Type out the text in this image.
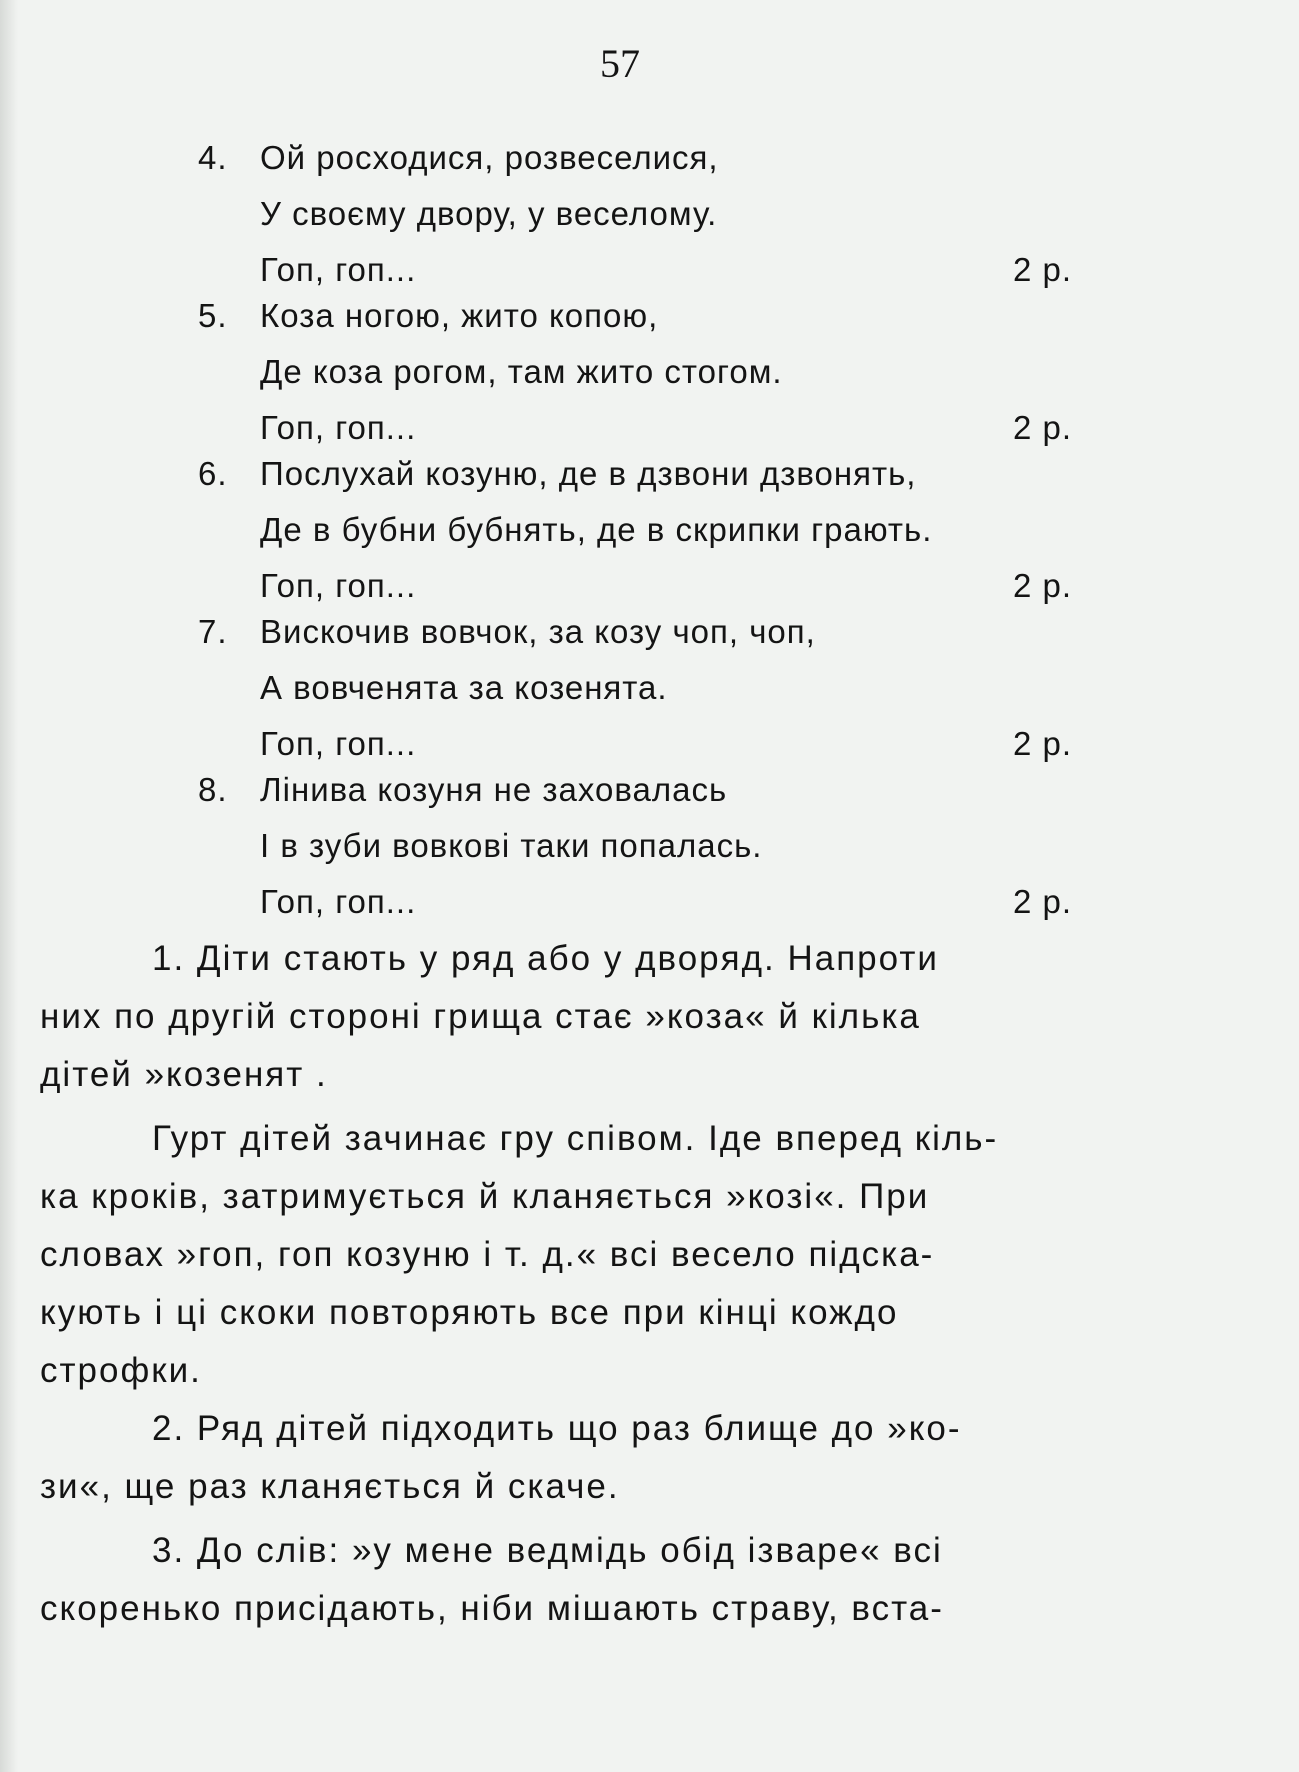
57
4. Ой росходися, розвеселися,
У своєму двору, у веселому.
Гоп, гоп...	2 р.
5. Коза ногою, жито копою,
Де коза рогом, там жито стогом.
Гоп, гоп...	2 р.
6. Послухай козуню, де в дзвони дзвонять,
Де в бубни бубнять, де в скрипки грають.
Гоп, гоп...	2 р.
7. Вискочив вовчок, за козу чоп, чоп,
А вовченята за козенята.
Гоп, гоп...	2 р.
8. Лінива козуня не заховалась
І в зуби вовкові таки попалась.
Гоп, гоп...	2 р.
1. Діти стають у ряд або у двоpяд. Напроти
них по другій стороні грища стає »коза« й кілька
дітей »козенят .
Гурт дітей зачинає гру співом. Іде вперед кіль-
ка кроків, затримується й кланяється »козі«. При
словах »гоп, гоп козуню і т. д.« всі весело підска-
кують і ці скоки повторяють все при кінці кождо
строфки.
2. Ряд дітей підходить що раз блище до »ко-
зи«, ще раз кланяється й скаче.
3. До слів: »у мене ведмідь обід ізваре« всі
скоренько присідають, ніби мішають страву, вста-
